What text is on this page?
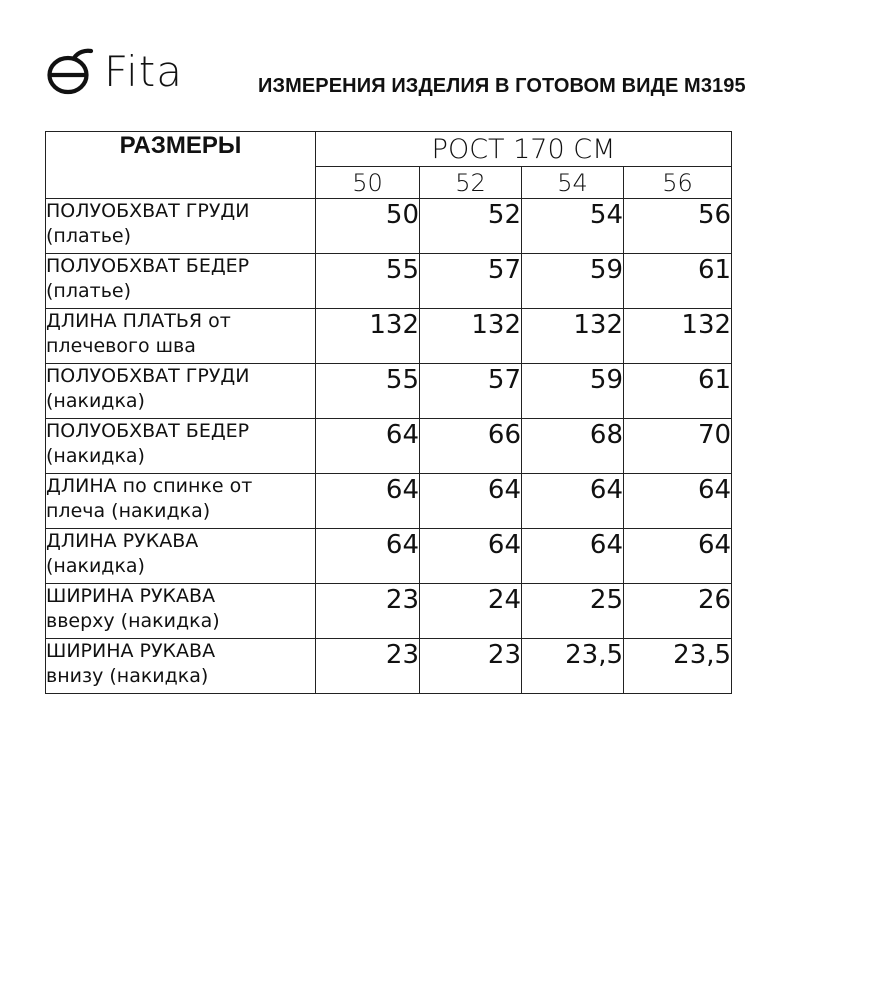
Fita	ИЗМЕРЕНИЯ ИЗДЕЛИЯ В ГОТОВОМ ВИДЕ М3195
РАЗМЕРЫ	РОСТ 170 СМ			
	50	52	54	56

ПОЛУОБХВАТ ГРУДИ
(платье)	50	52	54	56

ПОЛУОБХВАТ БЕДЕР
(платье)	55	57	59	61

ДЛИНА ПЛАТЬЯ от
плечевого шва	132	132	132	132

ПОЛУОБХВАТ ГРУДИ
(накидка)	55	57	59	61

ПОЛУОБХВАТ БЕДЕР
(накидка)	64	66	68	70

ДЛИНА по спинке от
плеча (накидка)	64	64	64	64

ДЛИНА РУКАВА
(накидка)	64	64	64	64

ШИРИНА РУКАВА
вверху (накидка)	23	24	25	26

ШИРИНА РУКАВА
внизу (накидка)	23	23	23,5	23,5
